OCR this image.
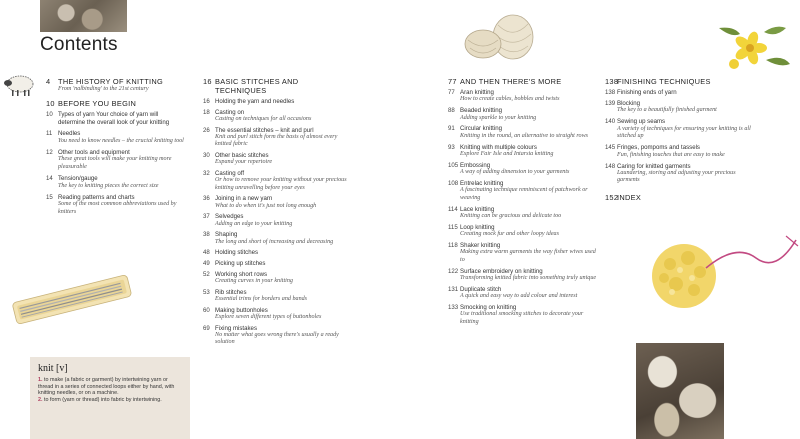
Contents
4	THE HISTORY OF KNITTING
From 'nalbinding' to the 21st century
10 BEFORE YOU BEGIN
10 Types of yarn Your choice of yarn will determine the overall look of your knitting
11 Needles
You need to know needles – the crucial knitting tool
12 Other tools and equipment
These great tools will make your knitting more pleasurable
14 Tension/gauge
The key to knitting pieces the correct size
15 Reading patterns and charts
Some of the most common abbreviations used by knitters
16 BASIC STITCHES AND TECHNIQUES
16 Holding the yarn and needles
18 Casting on
Casting on techniques for all occasions
26 The essential stitches – knit and purl
Knit and purl stitch form the basis of almost every knitted fabric
30 Other basic stitches
Expand your repertoire
32 Casting off
Or how to remove your knitting without your precious knitting unravelling before your eyes
36 Joining in a new yarn
What to do when it's just not long enough
37 Selvedges
Adding an edge to your knitting
38 Shaping
The long and short of increasing and decreasing
48 Holding stitches
49 Picking up stitches
52 Working short rows
Creating curves in your knitting
53 Rib stitches
Essential trims for borders and bands
60 Making buttonholes
Explore seven different types of buttonholes
69 Fixing mistakes
No matter what goes wrong there's usually a ready solution
77 AND THEN THERE'S MORE
77 Aran knitting
How to create cables, bobbles and twists
88 Beaded knitting
Adding sparkle to your knitting
91 Circular knitting
Knitting in the round, an alternative to straight rows
93 Knitting with multiple colours
Explore Fair Isle and Intarsia knitting
105 Embossing
A way of adding dimension to your garments
108 Entrelac knitting
A fascinating technique reminiscent of patchwork or weaving
114 Lace knitting
Knitting can be gracious and delicate too
115 Loop knitting
Creating mock fur and other loopy ideas
118 Shaker knitting
Making extra warm garments the way fisher wives used to
122 Surface embroidery on knitting
Transforming knitted fabric into something truly unique
131 Duplicate stitch
A quick and easy way to add colour and interest
133 Smocking on knitting
Use traditional smocking stitches to decorate your knitting
138
FINISHING TECHNIQUES
138 Finishing ends of yarn
139 Blocking
The key to a beautifully finished garment
140 Sewing up seams
A variety of techniques for ensuring your knitting is all stitched up
145 Fringes, pompoms and tassels
Fun, finishing touches that are easy to make
148 Caring for knitted garments
Laundering, storing and adjusting your precious garments
152
INDEX
knit [v]
1. to make (a fabric or garment) by intertwining yarn or thread in a series of connected loops either by hand, with knitting needles, or on a machine.
2. to form (yarn or thread) into fabric by intertwining.
